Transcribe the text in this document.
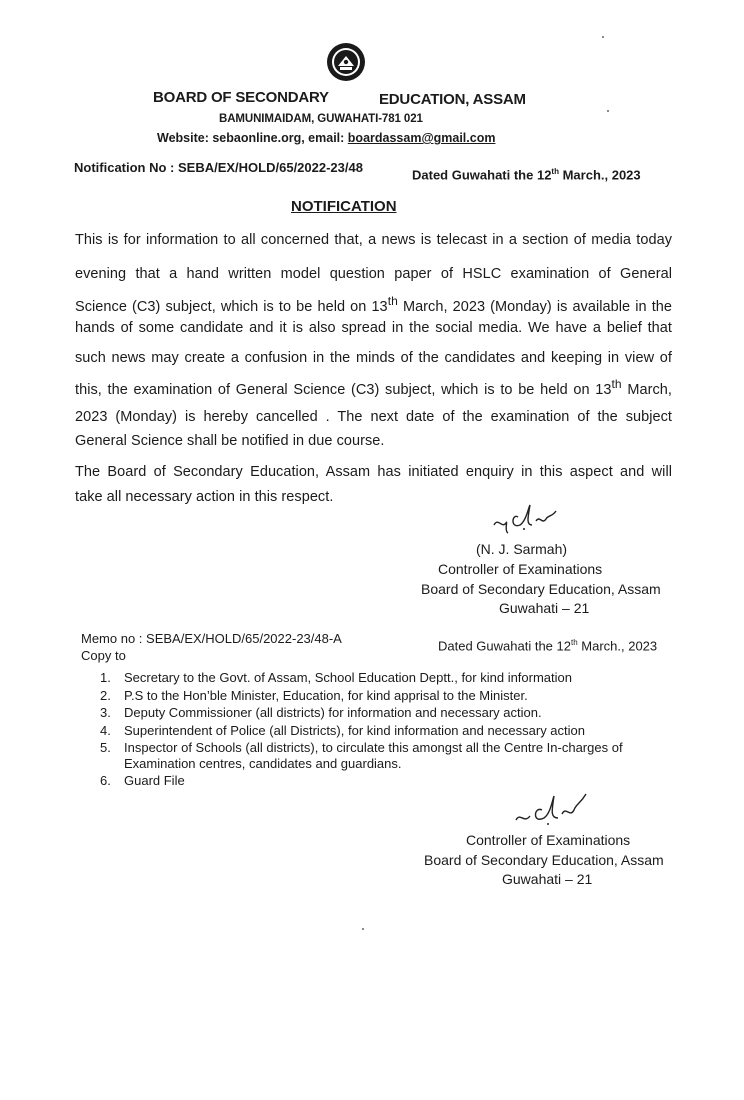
BOARD OF SECONDARY	EDUCATION, ASSAM
BAMUNIMAIDAM, GUWAHATI-781 021
Website: sebaonline.org, email: boardassam@gmail.com
Notification No : SEBA/EX/HOLD/65/2022-23/48	Dated Guwahati the 12th March., 2023
NOTIFICATION
This is for information to all concerned that, a news is telecast in a section of media today
evening that a hand written model question paper of HSLC examination of General
Science (C3) subject, which is to be held on 13th March, 2023 (Monday) is available in the
hands of some candidate and it is also spread in the social media. We have a belief that
such news may create a confusion in the minds of the candidates and keeping in view of
this, the examination of General Science (C3) subject, which is to be held on 13th March,
2023 (Monday) is hereby cancelled . The next date of the examination of the subject
General Science shall be notified in due course.
The Board of Secondary Education, Assam has initiated enquiry in this aspect and will
take all necessary action in this respect.
(N. J. Sarmah)
Controller of Examinations
Board of Secondary Education, Assam
Guwahati – 21
Memo no : SEBA/EX/HOLD/65/2022-23/48-A	Dated Guwahati the 12th March., 2023
Copy to
1. Secretary to the Govt. of Assam, School Education Deptt., for kind information
2. P.S to the Hon’ble Minister, Education, for kind apprisal to the Minister.
3. Deputy Commissioner (all districts) for information and necessary action.
4. Superintendent of Police (all Districts), for kind information and necessary action
5. Inspector of Schools (all districts), to circulate this amongst all the Centre In-charges of Examination centres, candidates and guardians.
6. Guard File
Controller of Examinations
Board of Secondary Education, Assam
Guwahati – 21
